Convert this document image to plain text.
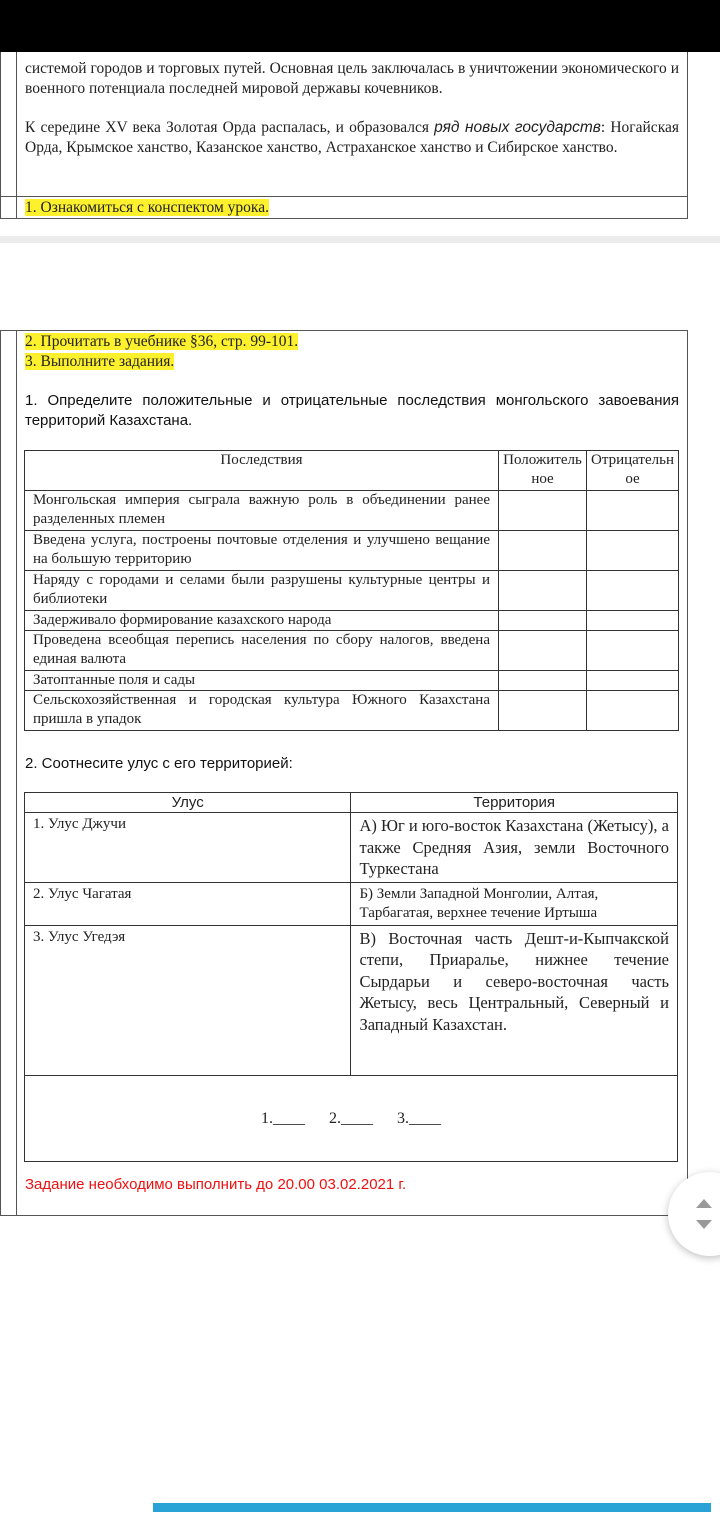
системой городов и торговых путей. Основная цель заключалась в уничтожении экономического и военного потенциала последней мировой державы кочевников.
К середине XV века Золотая Орда распалась, и образовался ряд новых государств: Ногайская Орда, Крымское ханство, Казанское ханство, Астраханское ханство и Сибирское ханство.
1. Ознакомиться с конспектом урока.
2. Прочитать в учебнике §36, стр. 99-101.
3. Выполните задания.
1. Определите положительные и отрицательные последствия монгольского завоевания территорий Казахстана.
Последствия	Положительное	Отрицательное
Монгольская империя сыграла важную роль в объединении ранее разделенных племен		
Введена услуга, построены почтовые отделения и улучшено вещание на большую территорию		
Наряду с городами и селами были разрушены культурные центры и библиотеки		
Задерживало формирование казахского народа		
Проведена всеобщая перепись населения по сбору налогов, введена единая валюта		
Затоптанные поля и сады		
Сельскохозяйственная и городская культура Южного Казахстана пришла в упадок		
2. Соотнесите улус с его территорией:
Улус	Территория
1. Улус Джучи	А) Юг и юго-восток Казахстана (Жетысу), а также Средняя Азия, земли Восточного Туркестана
2. Улус Чагатая	Б) Земли Западной Монголии, Алтая, Тарбагатая, верхнее течение Иртыша
3. Улус Угедэя	В) Восточная часть Дешт-и-Кыпчакской степи, Приаралье, нижнее течение Сырдарьи и северо-восточная часть Жетысу, весь Центральный, Северный и Западный Казахстан.
1.____ 2.____ 3.____	
Задание необходимо выполнить до 20.00 03.02.2021 г.
